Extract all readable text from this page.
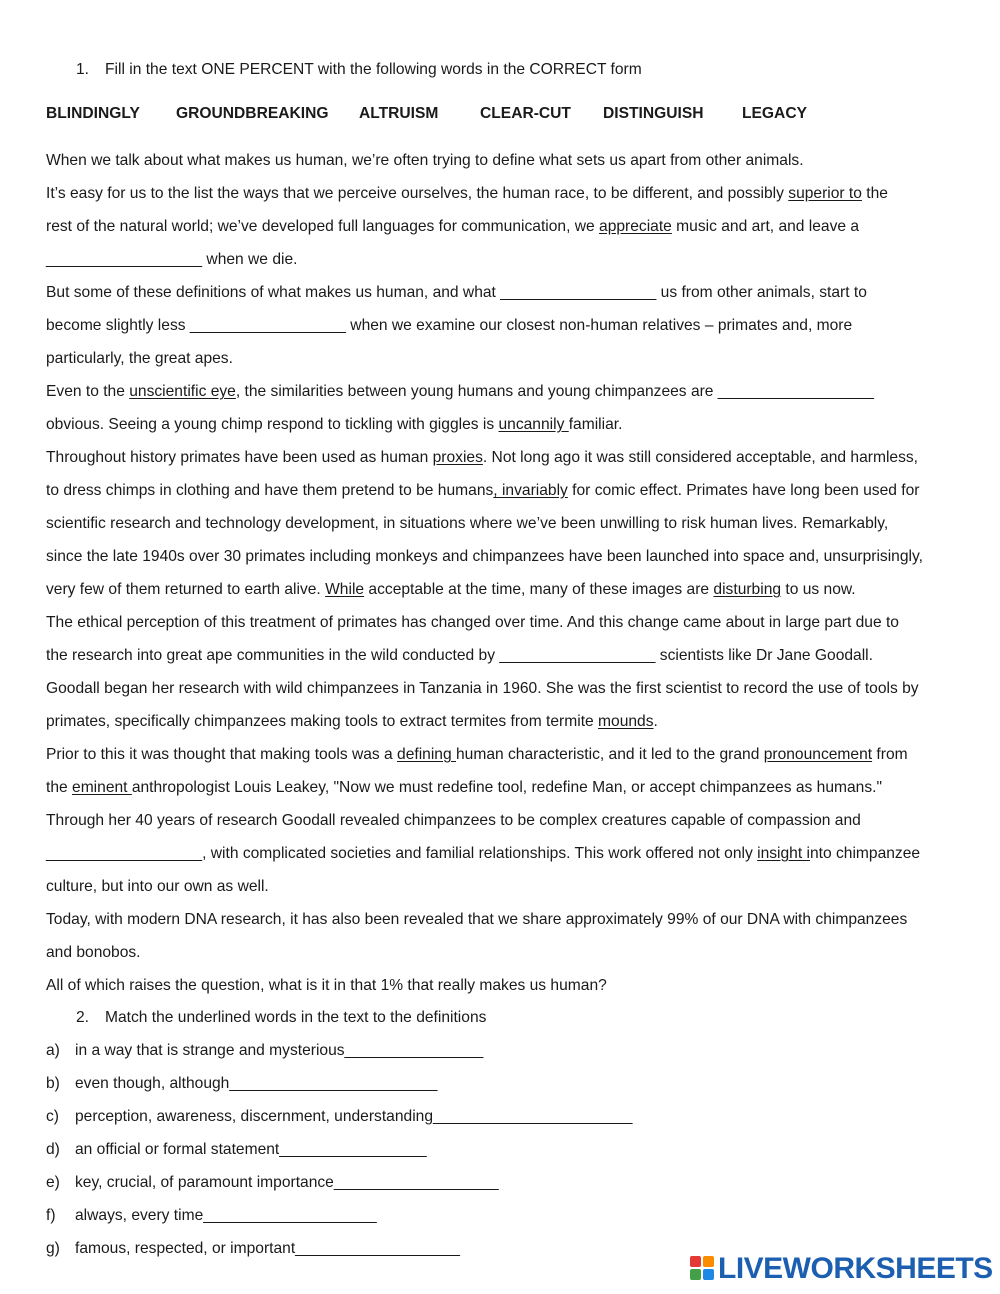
1. Fill in the text ONE PERCENT with the following words in the CORRECT form
BLINDINGLY GROUNDBREAKING ALTRUISM	CLEAR-CUT DISTINGUISH LEGACY
When we talk about what makes us human, we’re often trying to define what sets us apart from other animals.
It’s easy for us to the list the ways that we perceive ourselves, the human race, to be different, and possibly superior to the
rest of the natural world; we’ve developed full languages for communication, we appreciate music and art, and leave a
__________________ when we die.
But some of these definitions of what makes us human, and what __________________ us from other animals, start to
become slightly less __________________ when we examine our closest non-human relatives – primates and, more
particularly, the great apes.
Even to the unscientific eye, the similarities between young humans and young chimpanzees are __________________
obvious. Seeing a young chimp respond to tickling with giggles is uncannily familiar.
Throughout history primates have been used as human proxies. Not long ago it was still considered acceptable, and harmless,
to dress chimps in clothing and have them pretend to be humans, invariably for comic effect. Primates have long been used for
scientific research and technology development, in situations where we’ve been unwilling to risk human lives. Remarkably,
since the late 1940s over 30 primates including monkeys and chimpanzees have been launched into space and, unsurprisingly,
very few of them returned to earth alive. While acceptable at the time, many of these images are disturbing to us now.
The ethical perception of this treatment of primates has changed over time. And this change came about in large part due to
the research into great ape communities in the wild conducted by __________________ scientists like Dr Jane Goodall.
Goodall began her research with wild chimpanzees in Tanzania in 1960. She was the first scientist to record the use of tools by
primates, specifically chimpanzees making tools to extract termites from termite mounds.
Prior to this it was thought that making tools was a defining human characteristic, and it led to the grand pronouncement from
the eminent anthropologist Louis Leakey, "Now we must redefine tool, redefine Man, or accept chimpanzees as humans."
Through her 40 years of research Goodall revealed chimpanzees to be complex creatures capable of compassion and
__________________, with complicated societies and familial relationships. This work offered not only insight into chimpanzee
culture, but into our own as well.
Today, with modern DNA research, it has also been revealed that we share approximately 99% of our DNA with chimpanzees
and bonobos.
All of which raises the question, what is it in that 1% that really makes us human?
2. Match the underlined words in the text to the definitions
a) in a way that is strange and mysterious________________
b) even though, although________________________
c) perception, awareness, discernment, understanding_______________________
d) an official or formal statement_________________
e) key, crucial, of paramount importance___________________
f) always, every time____________________
g) famous, respected, or important___________________
LIVEWORKSHEETS
